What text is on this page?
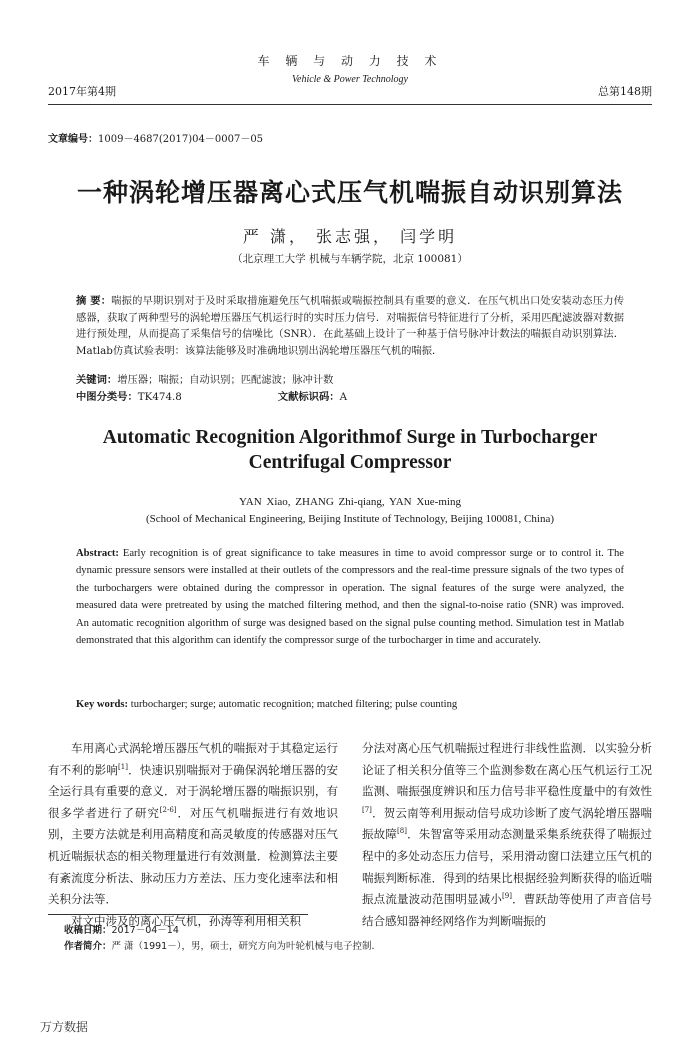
2017年第4期
车 辆 与 动 力 技 术
Vehicle & Power Technology
总第148期
文章编号：1009－4687(2017)04－0007－05
一种涡轮增压器离心式压气机喘振自动识别算法
严 潇， 张志强， 闫学明
（北京理工大学 机械与车辆学院，北京 100081）
摘 要：喘振的早期识别对于及时采取措施避免压气机喘振或喘振控制具有重要的意义．在压气机出口处安装动态压力传感器，获取了两种型号的涡轮增压器压气机运行时的实时压力信号．对喘振信号特征进行了分析，采用匹配滤波器对数据进行预处理，从而提高了采集信号的信噪比（SNR）．在此基础上设计了一种基于信号脉冲计数法的喘振自动识别算法．Matlab仿真试验表明：该算法能够及时准确地识别出涡轮增压器压气机的喘振．
关键词：增压器；喘振；自动识别；匹配滤波；脉冲计数
中图分类号：TK474.8	文献标识码：A
Automatic Recognition Algorithmof Surge in Turbocharger
Centrifugal Compressor
YAN Xiao, ZHANG Zhi-qiang, YAN Xue-ming
(School of Mechanical Engineering, Beijing Institute of Technology, Beijing 100081, China)
Abstract: Early recognition is of great significance to take measures in time to avoid compressor surge or to control it. The dynamic pressure sensors were installed at their outlets of the compressors and the real-time pressure signals of the two types of the turbochargers were obtained during the compressor in operation. The signal features of the surge were analyzed, the measured data were pretreated by using the matched filtering method, and then the signal-to-noise ratio (SNR) was improved. An automatic recognition algorithm of surge was designed based on the signal pulse counting method. Simulation test in Matlab demonstrated that this algorithm can identify the compressor surge of the turbocharger in time and accurately.
Key words: turbocharger; surge; automatic recognition; matched filtering; pulse counting

车用离心式涡轮增压器压气机的喘振对于其稳定运行有不利的影响[1]．快速识别喘振对于确保涡轮增压器的安全运行具有重要的意义．对于涡轮增压器的喘振识别，有很多学者进行了研究[2-6]．对压气机喘振进行有效地识别，主要方法就是利用高精度和高灵敏度的传感器对压气机近喘振状态的相关物理量进行有效测量．检测算法主要有紊流度分析法、脉动压力方差法、压力变化速率法和相关积分法等．

对文中涉及的离心压气机，孙涛等利用相关积

分法对离心压气机喘振过程进行非线性监测．以实验分析论证了相关积分值等三个监测参数在离心压气机运行工况监测、喘振强度辨识和压力信号非平稳性度量中的有效性[7]．贺云南等利用振动信号成功诊断了废气涡轮增压器喘振故障[8]．朱智富等采用动态测量采集系统获得了喘振过程中的多处动态压力信号，采用滑动窗口法建立压气机的喘振判断标准．得到的结果比根据经验判断获得的临近喘振点流量波动范围明显减小[9]．曹跃劼等使用了声音信号结合感知器神经网络作为判断喘振的

收稿日期：2017－04－14
作者简介：严 潇（1991－），男，硕士，研究方向为叶轮机械与电子控制.
万方数据
